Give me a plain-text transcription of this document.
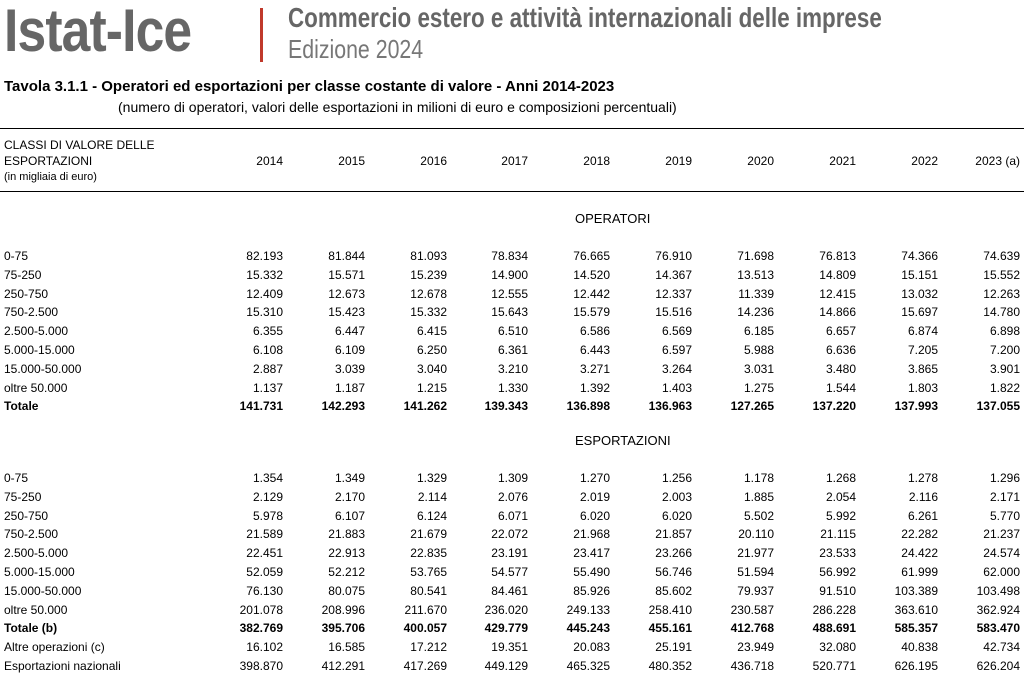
Istat-Ice	Commercio estero e attività internazionali delle imprese
Edizione 2024
Tavola 3.1.1 - Operatori ed esportazioni per classe costante di valore - Anni 2014-2023
(numero di operatori, valori delle esportazioni in milioni di euro e composizioni percentuali)
CLASSI DI VALORE DELLE
ESPORTAZIONI
(in migliaia di euro)
2014	2015	2016	2017	2018	2019	2020	2021	2022	2023 (a)
OPERATORI
0-75	82.193	81.844	81.093	78.834	76.665	76.910	71.698	76.813	74.366	74.639
75-250	15.332	15.571	15.239	14.900	14.520	14.367	13.513	14.809	15.151	15.552
250-750	12.409	12.673	12.678	12.555	12.442	12.337	11.339	12.415	13.032	12.263
750-2.500	15.310	15.423	15.332	15.643	15.579	15.516	14.236	14.866	15.697	14.780
2.500-5.000	6.355	6.447	6.415	6.510	6.586	6.569	6.185	6.657	6.874	6.898
5.000-15.000	6.108	6.109	6.250	6.361	6.443	6.597	5.988	6.636	7.205	7.200
15.000-50.000	2.887	3.039	3.040	3.210	3.271	3.264	3.031	3.480	3.865	3.901
oltre 50.000	1.137	1.187	1.215	1.330	1.392	1.403	1.275	1.544	1.803	1.822
Totale	141.731	142.293	141.262	139.343	136.898	136.963	127.265	137.220	137.993	137.055
ESPORTAZIONI
0-75	1.354	1.349	1.329	1.309	1.270	1.256	1.178	1.268	1.278	1.296
75-250	2.129	2.170	2.114	2.076	2.019	2.003	1.885	2.054	2.116	2.171
250-750	5.978	6.107	6.124	6.071	6.020	6.020	5.502	5.992	6.261	5.770
750-2.500	21.589	21.883	21.679	22.072	21.968	21.857	20.110	21.115	22.282	21.237
2.500-5.000	22.451	22.913	22.835	23.191	23.417	23.266	21.977	23.533	24.422	24.574
5.000-15.000	52.059	52.212	53.765	54.577	55.490	56.746	51.594	56.992	61.999	62.000
15.000-50.000	76.130	80.075	80.541	84.461	85.926	85.602	79.937	91.510	103.389	103.498
oltre 50.000	201.078	208.996	211.670	236.020	249.133	258.410	230.587	286.228	363.610	362.924
Totale (b)	382.769	395.706	400.057	429.779	445.243	455.161	412.768	488.691	585.357	583.470
Altre operazioni (c)	16.102	16.585	17.212	19.351	20.083	25.191	23.949	32.080	40.838	42.734
Esportazioni nazionali	398.870	412.291	417.269	449.129	465.325	480.352	436.718	520.771	626.195	626.204
